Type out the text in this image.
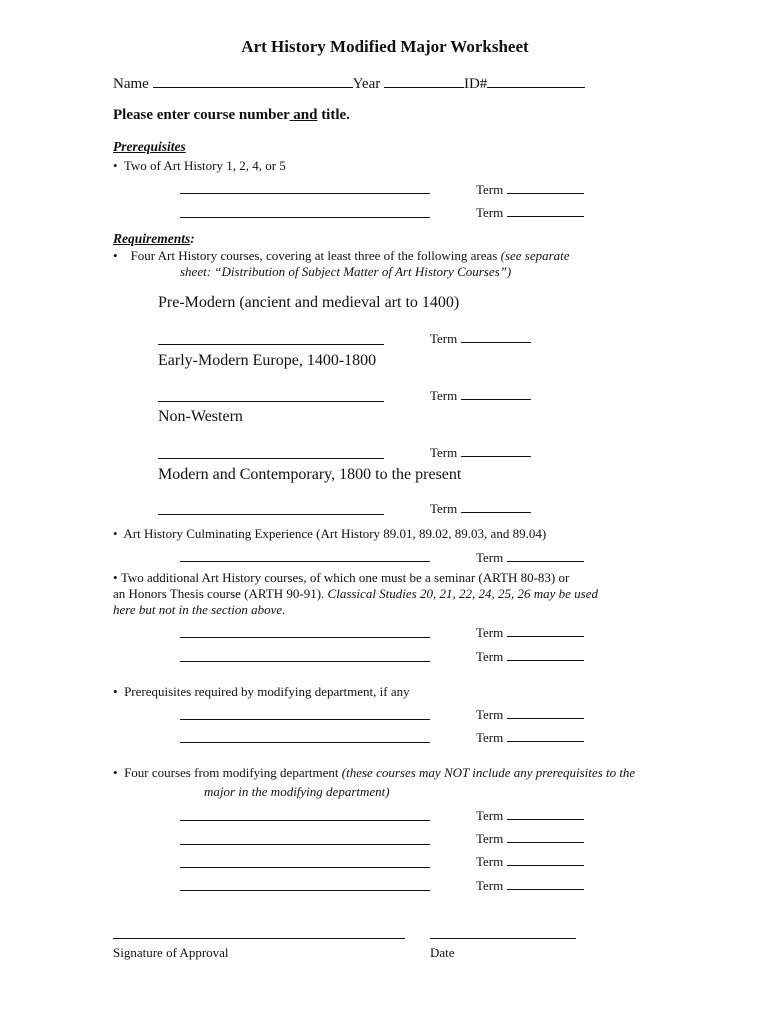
Art History Modified Major Worksheet
Name	Year	ID#
Please enter course number and title.
Prerequisites
• Two of Art History 1, 2, 4, or 5
Term
Term
Requirements:
• Four Art History courses, covering at least three of the following areas (see separate
sheet: “Distribution of Subject Matter of Art History Courses”)
Pre-Modern (ancient and medieval art to 1400)
Term
Early-Modern Europe, 1400-1800
Term
Non-Western
Term
Modern and Contemporary, 1800 to the present
Term
• Art History Culminating Experience (Art History 89.01, 89.02, 89.03, and 89.04)
Term
• Two additional Art History courses, of which one must be a seminar (ARTH 80-83) or
an Honors Thesis course (ARTH 90-91). Classical Studies 20, 21, 22, 24, 25, 26 may be used
here but not in the section above.
Term
Term
• Prerequisites required by modifying department, if any
Term
Term
• Four courses from modifying department (these courses may NOT include any prerequisites to the
major in the modifying department)
Term
Term
Term
Term
Signature of Approval	Date
